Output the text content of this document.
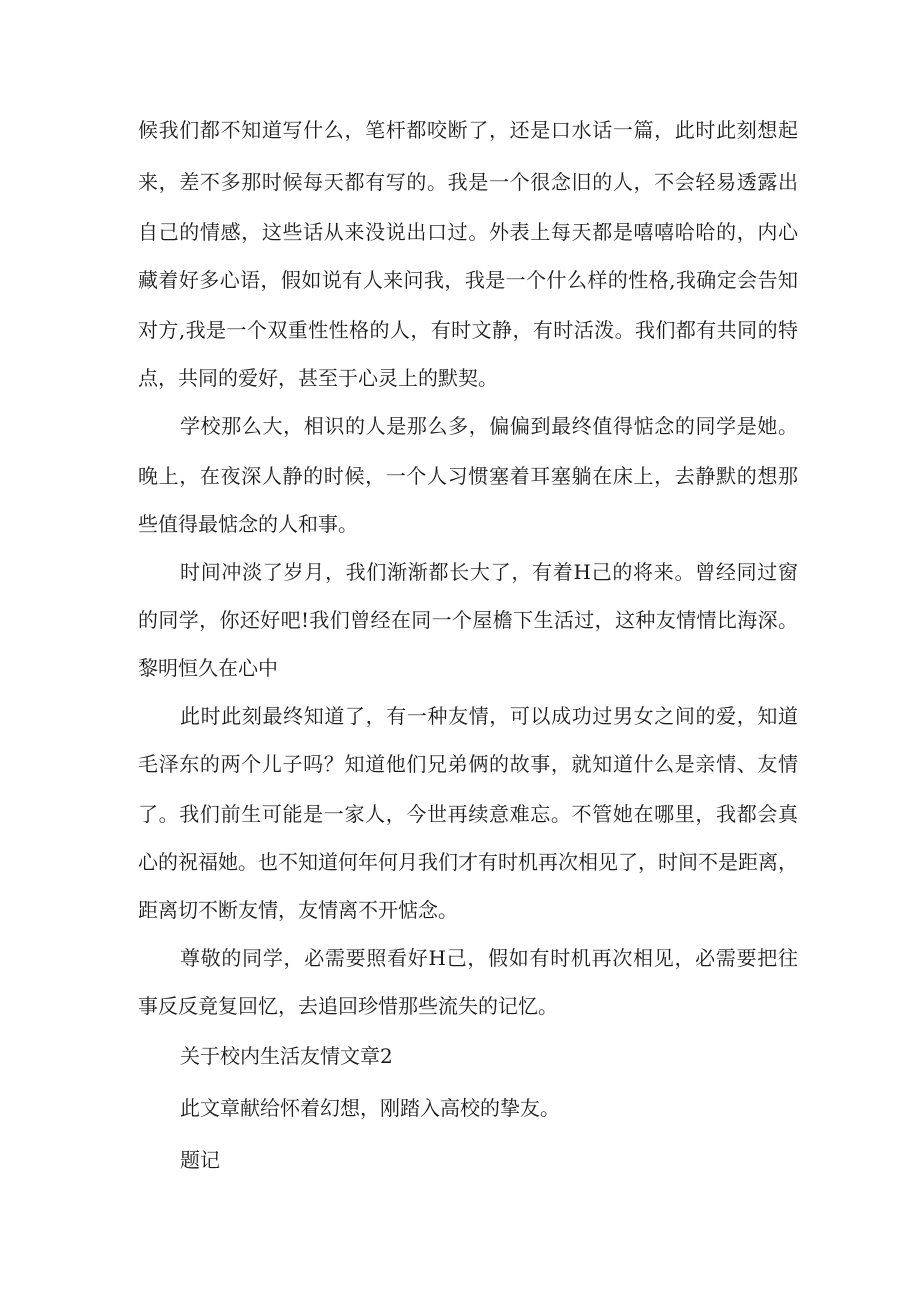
候我们都不知道写什么，笔杆都咬断了，还是口水话一篇，此时此刻想起
来，差不多那时候每天都有写的。我是一个很念旧的人，不会轻易透露出
自己的情感，这些话从来没说出口过。外表上每天都是嘻嘻哈哈的，内心
藏着好多心语，假如说有人来问我，我是一个什么样的性格,我确定会告知
对方,我是一个双重性性格的人，有时文静，有时活泼。我们都有共同的特
点，共同的爱好，甚至于心灵上的默契。
学校那么大，相识的人是那么多，偏偏到最终值得惦念的同学是她。
晚上，在夜深人静的时候，一个人习惯塞着耳塞躺在床上，去静默的想那
些值得最惦念的人和事。
时间冲淡了岁月，我们渐渐都长大了，有着H己的将来。曾经同过窗
的同学，你还好吧!我们曾经在同一个屋檐下生活过，这种友情情比海深。
黎明恒久在心中
此时此刻最终知道了，有一种友情，可以成功过男女之间的爱，知道
毛泽东的两个儿子吗？知道他们兄弟俩的故事，就知道什么是亲情、友情
了。我们前生可能是一家人，今世再续意难忘。不管她在哪里，我都会真
心的祝福她。也不知道何年何月我们才有时机再次相见了，时间不是距离，
距离切不断友情，友情离不开惦念。
尊敬的同学，必需要照看好H己，假如有时机再次相见，必需要把往
事反反竟复回忆，去追回珍惜那些流失的记忆。
关于校内生活友情文章2
此文章献给怀着幻想，刚踏入高校的挚友。
题记
